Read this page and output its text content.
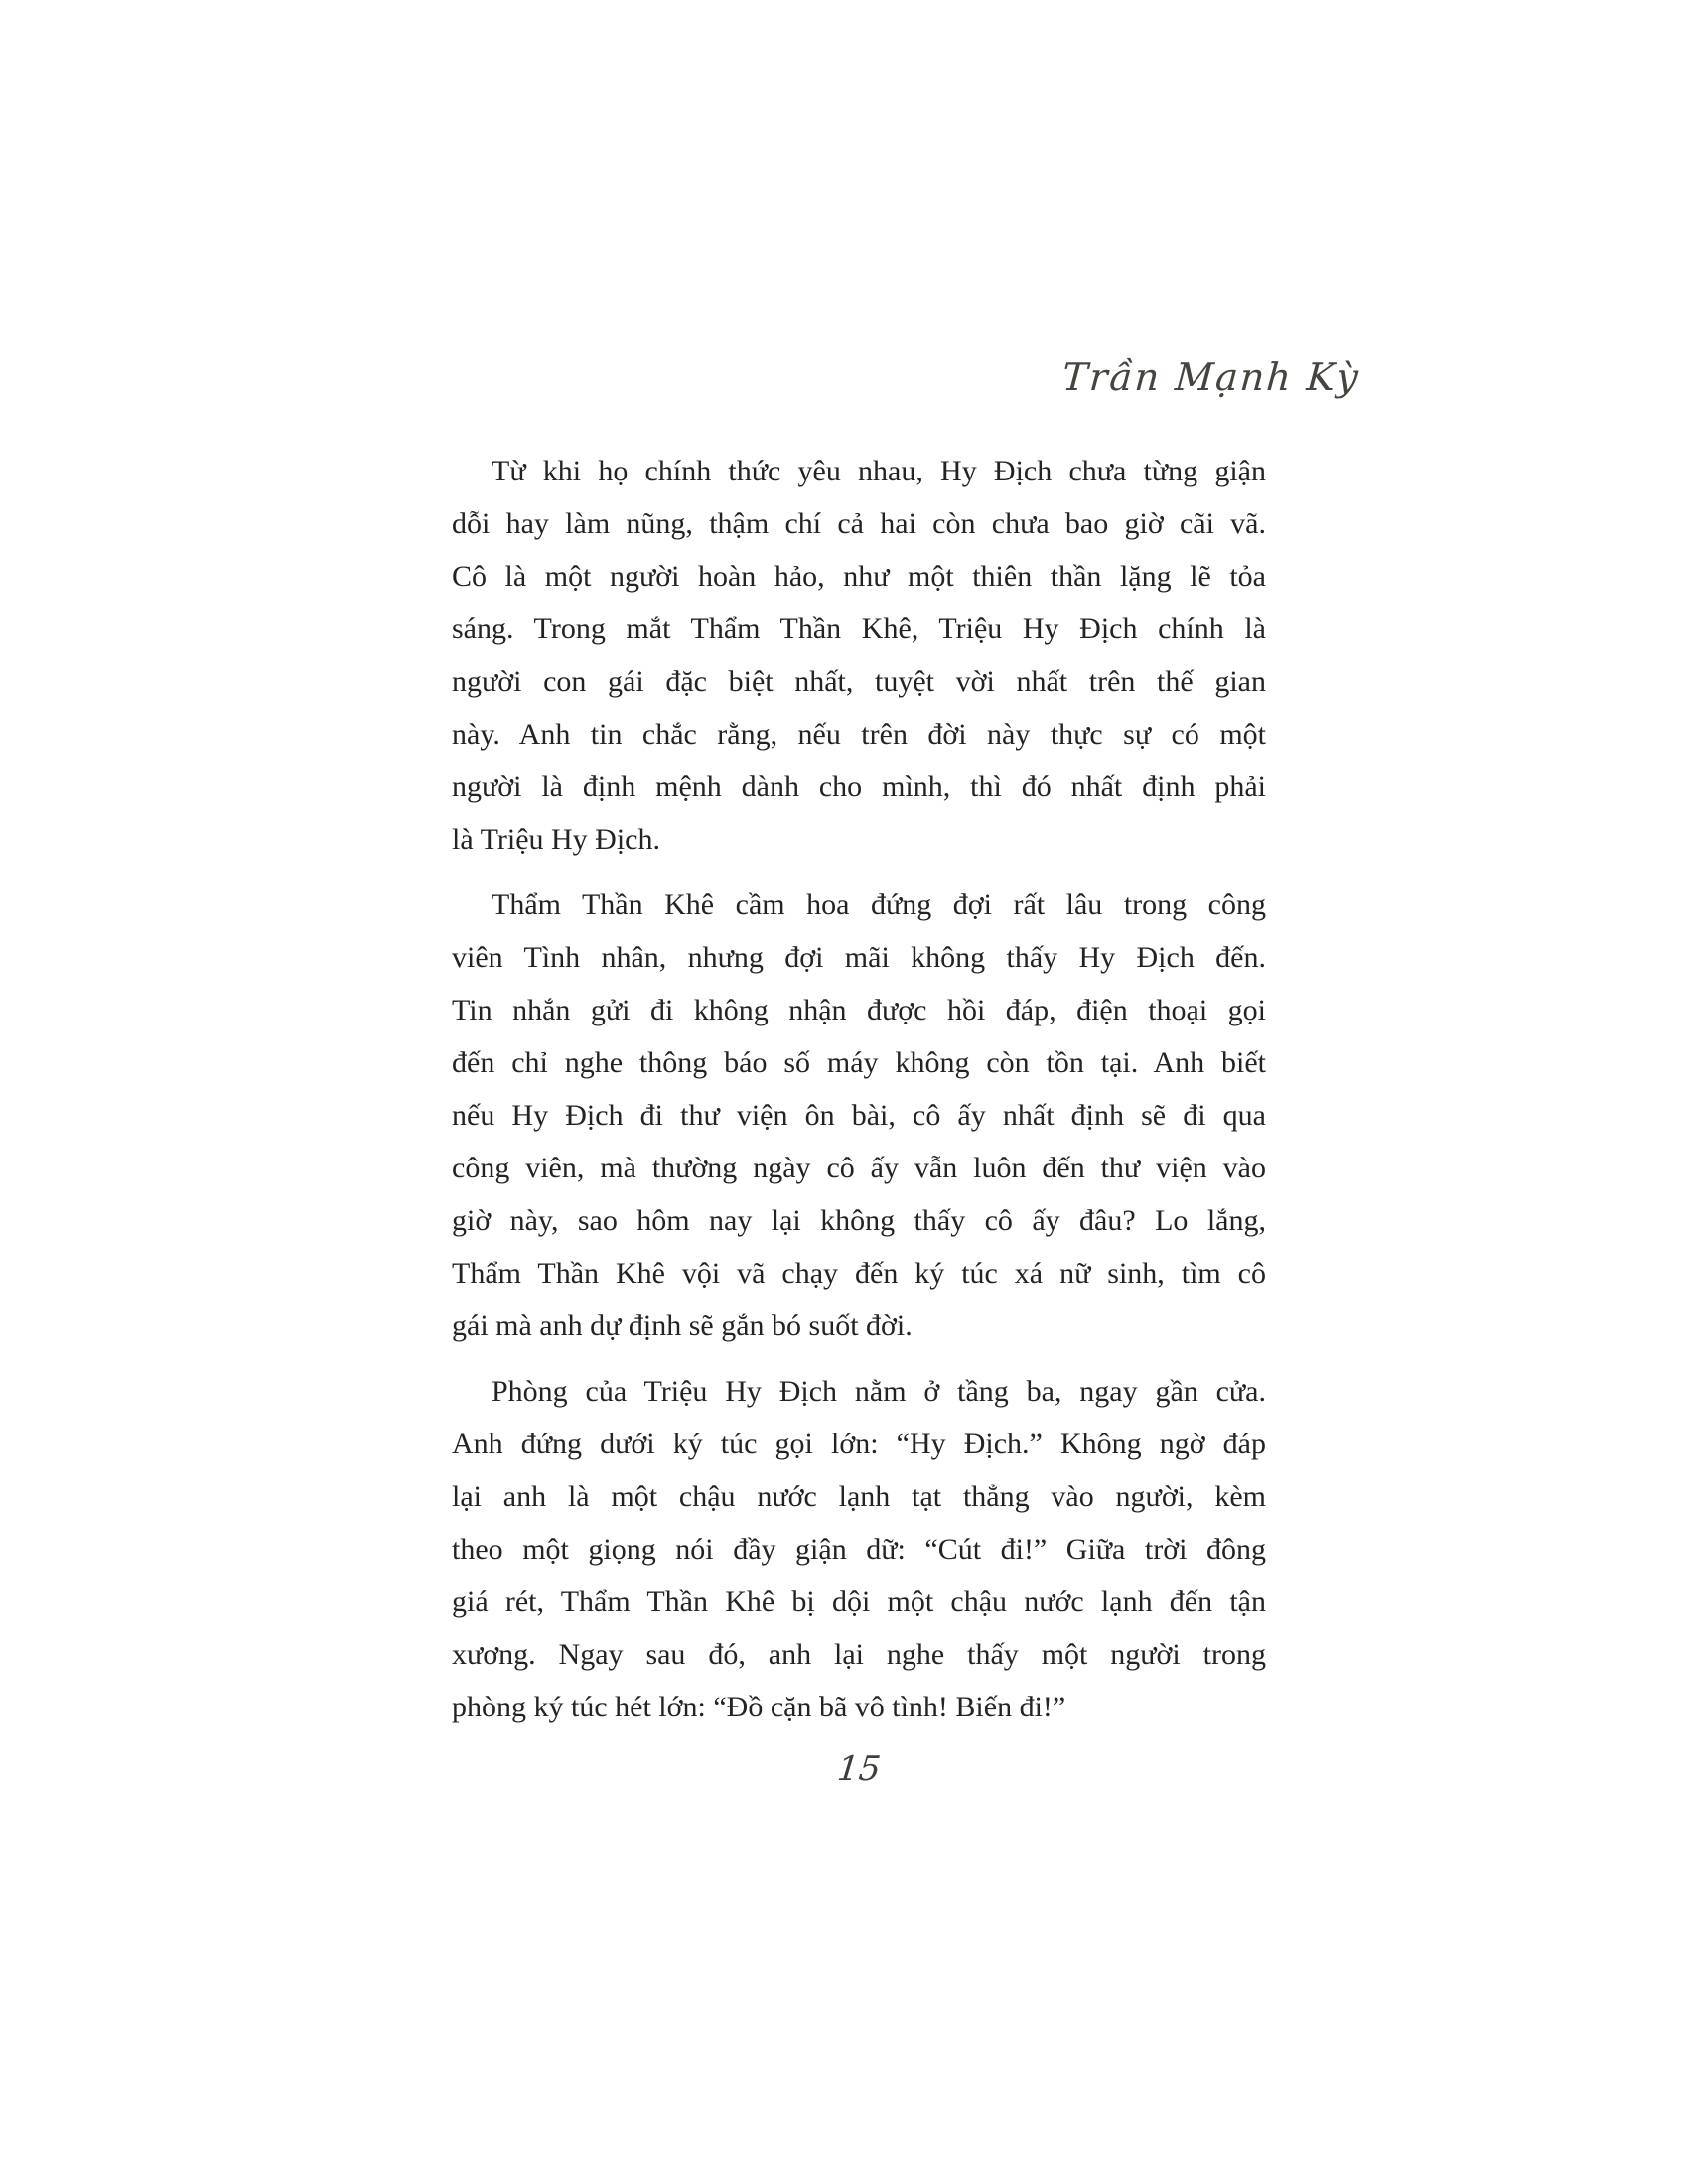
Trần Mạnh Kỳ
Từ khi họ chính thức yêu nhau, Hy Địch chưa từng giận
dỗi hay làm nũng, thậm chí cả hai còn chưa bao giờ cãi vã.
Cô là một người hoàn hảo, như một thiên thần lặng lẽ tỏa
sáng. Trong mắt Thẩm Thần Khê, Triệu Hy Địch chính là
người con gái đặc biệt nhất, tuyệt vời nhất trên thế gian
này. Anh tin chắc rằng, nếu trên đời này thực sự có một
người là định mệnh dành cho mình, thì đó nhất định phải
là Triệu Hy Địch.
Thẩm Thần Khê cầm hoa đứng đợi rất lâu trong công
viên Tình nhân, nhưng đợi mãi không thấy Hy Địch đến.
Tin nhắn gửi đi không nhận được hồi đáp, điện thoại gọi
đến chỉ nghe thông báo số máy không còn tồn tại. Anh biết
nếu Hy Địch đi thư viện ôn bài, cô ấy nhất định sẽ đi qua
công viên, mà thường ngày cô ấy vẫn luôn đến thư viện vào
giờ này, sao hôm nay lại không thấy cô ấy đâu? Lo lắng,
Thẩm Thần Khê vội vã chạy đến ký túc xá nữ sinh, tìm cô
gái mà anh dự định sẽ gắn bó suốt đời.
Phòng của Triệu Hy Địch nằm ở tầng ba, ngay gần cửa.
Anh đứng dưới ký túc gọi lớn: “Hy Địch.” Không ngờ đáp
lại anh là một chậu nước lạnh tạt thẳng vào người, kèm
theo một giọng nói đầy giận dữ: “Cút đi!” Giữa trời đông
giá rét, Thẩm Thần Khê bị dội một chậu nước lạnh đến tận
xương. Ngay sau đó, anh lại nghe thấy một người trong
phòng ký túc hét lớn: “Đồ cặn bã vô tình! Biến đi!”
15
